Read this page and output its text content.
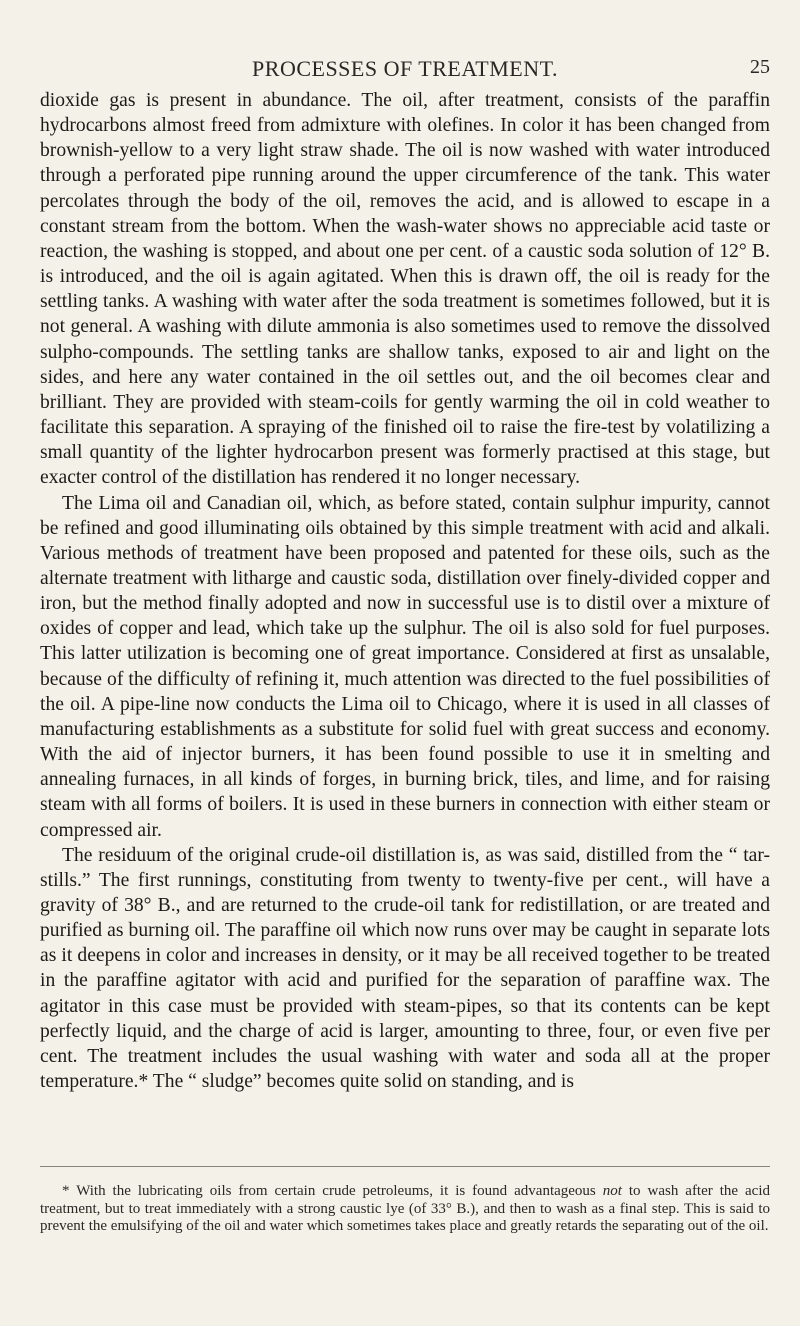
PROCESSES OF TREATMENT.	25

dioxide gas is present in abundance. The oil, after treatment, consists of the paraffin hydrocarbons almost freed from admixture with olefines. In color it has been changed from brownish-yellow to a very light straw shade. The oil is now washed with water introduced through a perforated pipe running around the upper circumference of the tank. This water percolates through the body of the oil, removes the acid, and is allowed to escape in a constant stream from the bottom. When the wash-water shows no appreciable acid taste or reaction, the washing is stopped, and about one per cent. of a caustic soda solution of 12° B. is introduced, and the oil is again agitated. When this is drawn off, the oil is ready for the settling tanks. A washing with water after the soda treatment is sometimes followed, but it is not general. A washing with dilute ammonia is also sometimes used to remove the dissolved sulpho-compounds. The settling tanks are shallow tanks, exposed to air and light on the sides, and here any water contained in the oil settles out, and the oil becomes clear and brilliant. They are provided with steam-coils for gently warming the oil in cold weather to facilitate this separation. A spraying of the finished oil to raise the fire-test by volatilizing a small quantity of the lighter hydrocarbon present was formerly practised at this stage, but exacter control of the distillation has rendered it no longer necessary.

The Lima oil and Canadian oil, which, as before stated, contain sulphur impurity, cannot be refined and good illuminating oils obtained by this simple treatment with acid and alkali. Various methods of treatment have been proposed and patented for these oils, such as the alternate treatment with litharge and caustic soda, distillation over finely-divided copper and iron, but the method finally adopted and now in successful use is to distil over a mixture of oxides of copper and lead, which take up the sulphur. The oil is also sold for fuel purposes. This latter utilization is becoming one of great importance. Considered at first as unsalable, because of the difficulty of refining it, much attention was directed to the fuel possibilities of the oil. A pipe-line now conducts the Lima oil to Chicago, where it is used in all classes of manufacturing establishments as a substitute for solid fuel with great success and economy. With the aid of injector burners, it has been found possible to use it in smelting and annealing furnaces, in all kinds of forges, in burning brick, tiles, and lime, and for raising steam with all forms of boilers. It is used in these burners in connection with either steam or compressed air.

The residuum of the original crude-oil distillation is, as was said, distilled from the “ tar-stills.” The first runnings, constituting from twenty to twenty-five per cent., will have a gravity of 38° B., and are returned to the crude-oil tank for redistillation, or are treated and purified as burning oil. The paraffine oil which now runs over may be caught in separate lots as it deepens in color and increases in density, or it may be all received together to be treated in the paraffine agitator with acid and purified for the separation of paraffine wax. The agitator in this case must be provided with steam-pipes, so that its contents can be kept perfectly liquid, and the charge of acid is larger, amounting to three, four, or even five per cent. The treatment includes the usual washing with water and soda all at the proper temperature.* The “ sludge” becomes quite solid on standing, and is

* With the lubricating oils from certain crude petroleums, it is found advantageous not to wash after the acid treatment, but to treat immediately with a strong caustic lye (of 33° B.), and then to wash as a final step. This is said to prevent the emulsifying of the oil and water which sometimes takes place and greatly retards the separating out of the oil.
